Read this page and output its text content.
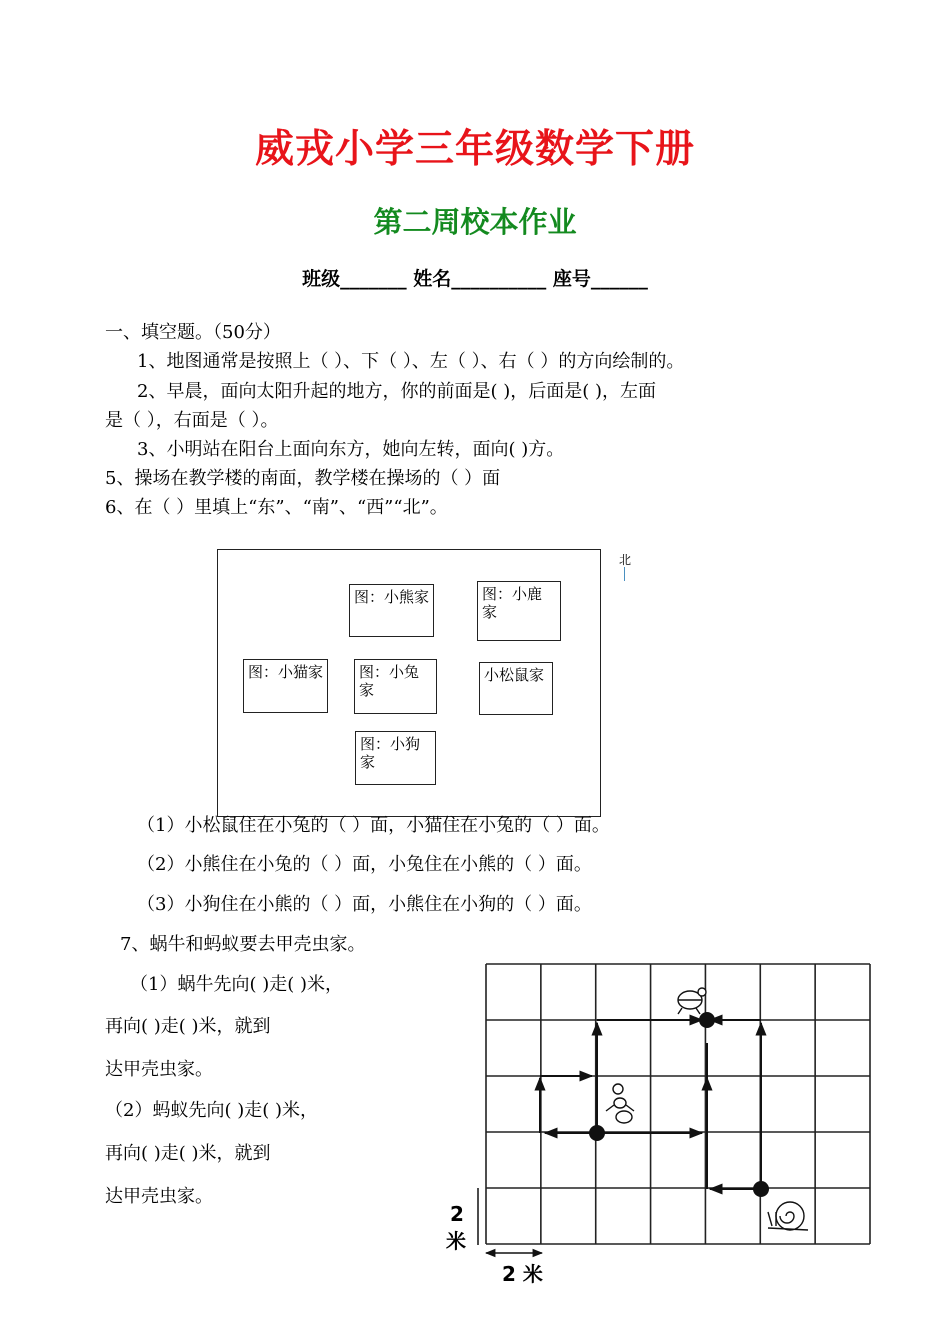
威戎小学三年级数学下册
第二周校本作业
班级_______ 姓名__________ 座号______
一、填空题。（50分）
1、地图通常是按照上（ ）、下（ ）、左（ ）、右（ ）的方向绘制的。
2、早晨，面向太阳升起的地方，你的前面是( )，后面是( )，左面
是（ ），右面是（ ）。
3、小明站在阳台上面向东方，她向左转，面向( )方。
5、操场在教学楼的南面，教学楼在操场的（ ）面
6、在（ ）里填上“东”、“南”、“西”“北”。
北
图：小熊家	图：小鹿家
图：小猫家	图：小兔家
小松鼠家
图：小狗家
（1）小松鼠住在小兔的（ ）面，小猫住在小兔的（ ）面。
（2）小熊住在小兔的（ ）面，小兔住在小熊的（ ）面。
（3）小狗住在小熊的（ ）面，小熊住在小狗的（ ）面。
7、蜗牛和蚂蚁要去甲壳虫家。
（1）蜗牛先向( )走( )米，
再向( )走( )米，就到
达甲壳虫家。
（2）蚂蚁先向( )走( )米，
再向( )走( )米，就到
达甲壳虫家。
2
米
2 米
